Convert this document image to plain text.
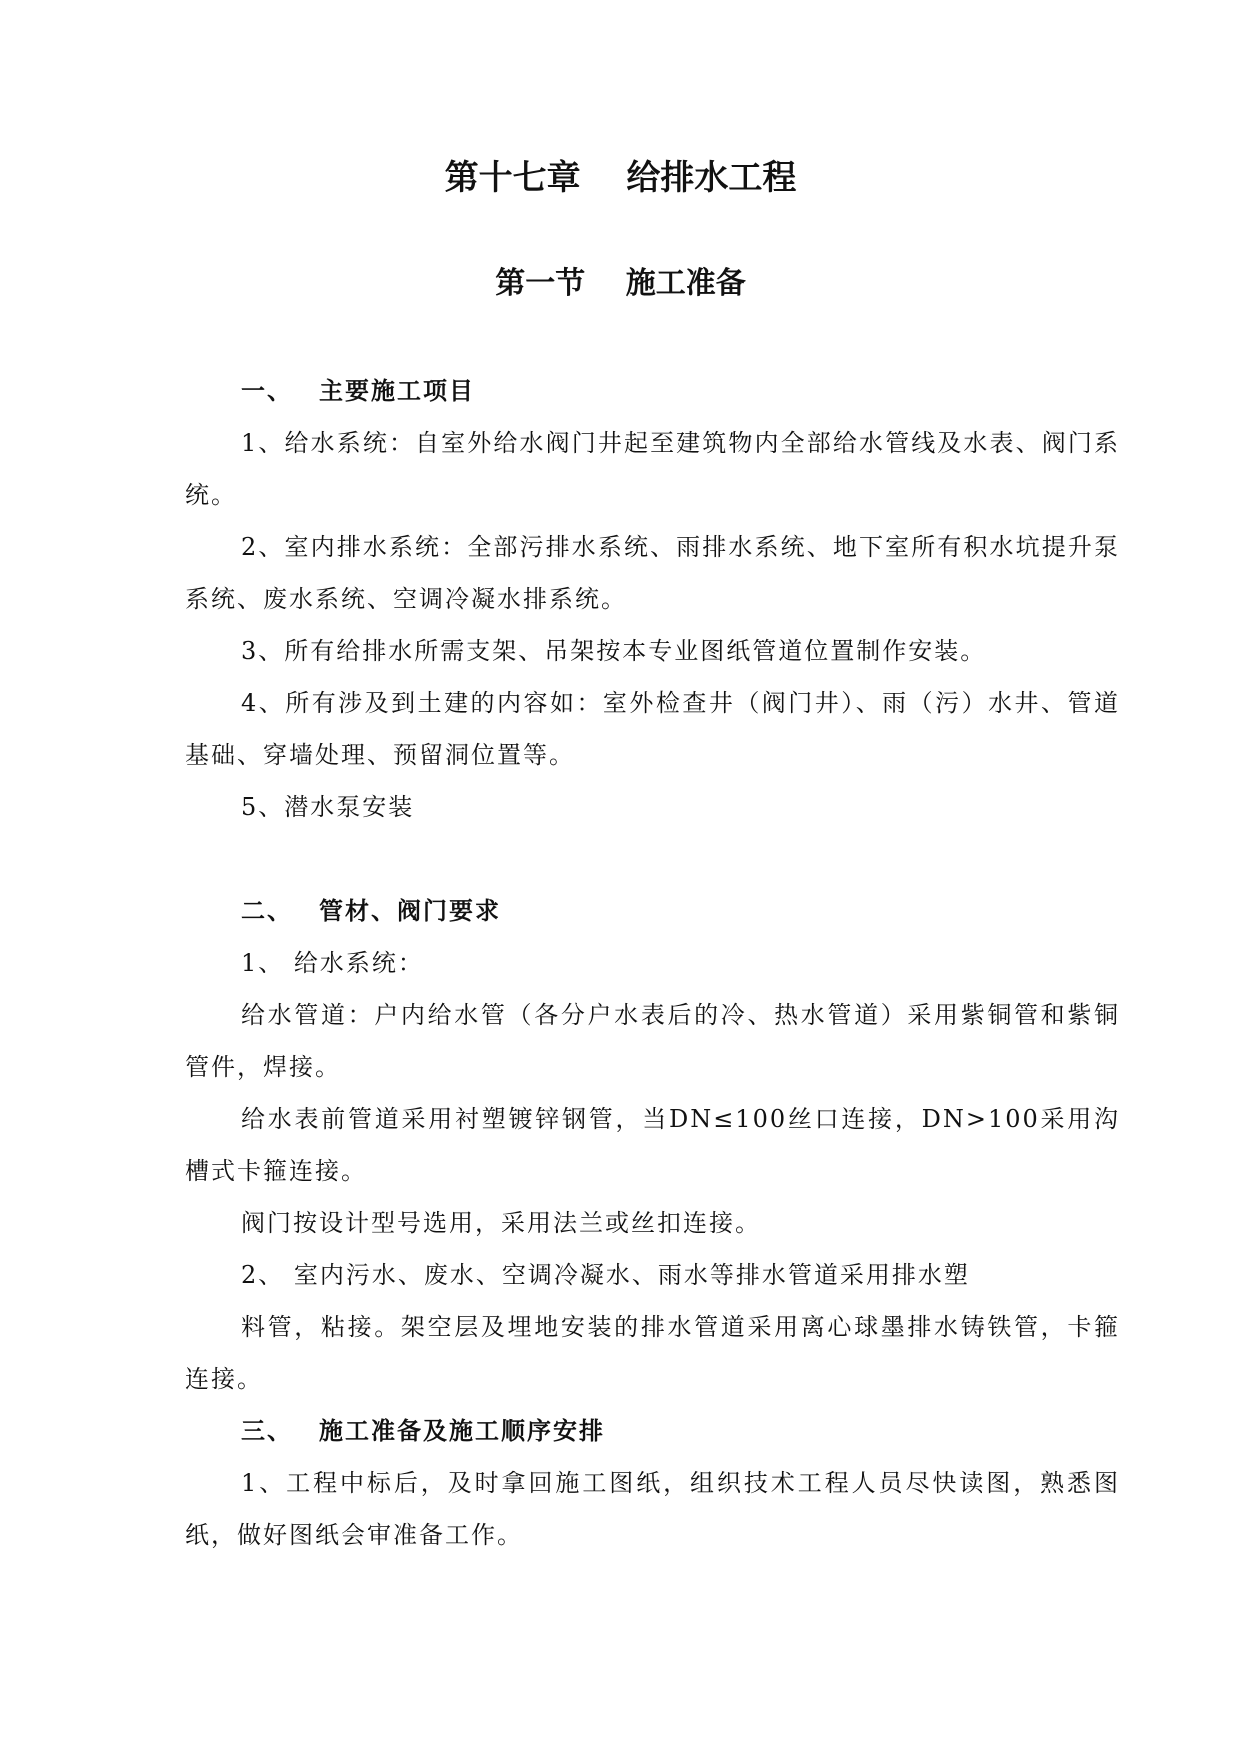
第十七章　 给排水工程
第一节　 施工准备

一、 主要施工项目

1、给水系统：自室外给水阀门井起至建筑物内全部给水管线及水表、阀门系统。

2、室内排水系统：全部污排水系统、雨排水系统、地下室所有积水坑提升泵系统、废水系统、空调冷凝水排系统。

3、所有给排水所需支架、吊架按本专业图纸管道位置制作安装。

4、所有涉及到土建的内容如：室外检查井（阀门井）、雨（污）水井、管道基础、穿墙处理、预留洞位置等。

5、潜水泵安装

二、 管材、阀门要求

1、 给水系统：

给水管道：户内给水管（各分户水表后的冷、热水管道）采用紫铜管和紫铜管件，焊接。

给水表前管道采用衬塑镀锌钢管，当DN≤100丝口连接，DN>100采用沟槽式卡箍连接。

阀门按设计型号选用，采用法兰或丝扣连接。

2、 室内污水、废水、空调冷凝水、雨水等排水管道采用排水塑

料管，粘接。架空层及埋地安装的排水管道采用离心球墨排水铸铁管，卡箍连接。

三、 施工准备及施工顺序安排

1、工程中标后，及时拿回施工图纸，组织技术工程人员尽快读图，熟悉图纸，做好图纸会审准备工作。
